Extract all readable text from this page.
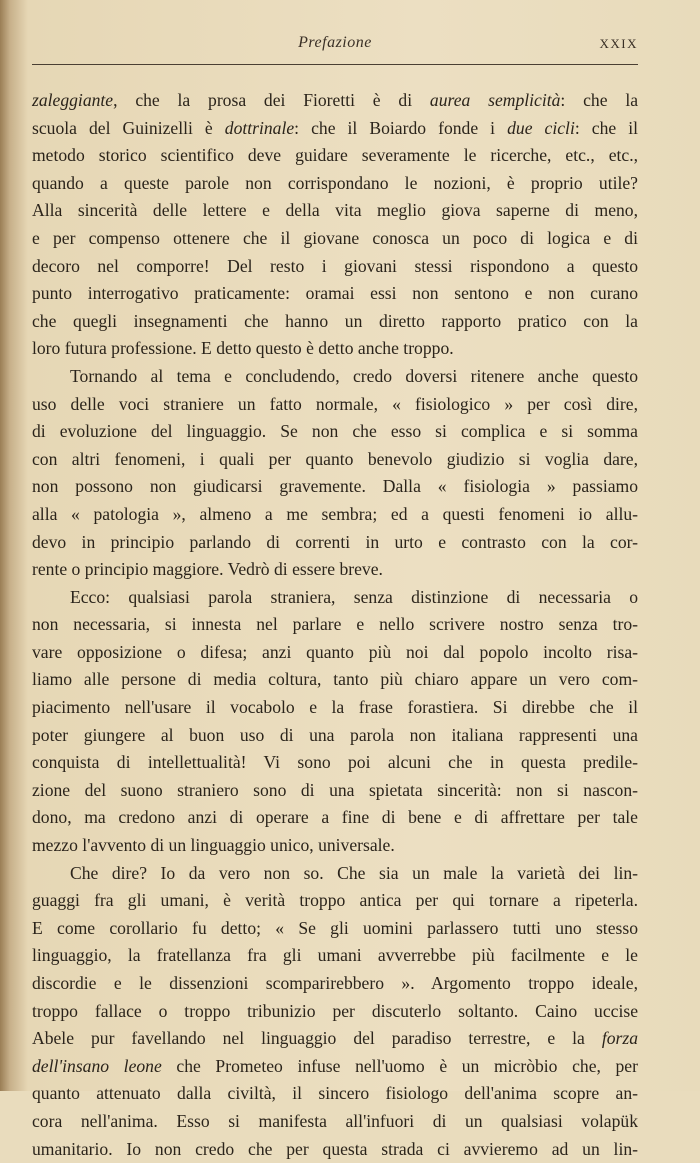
Prefazione	XXIX
zaleggiante, che la prosa dei Fioretti è di aurea semplicità: che la
scuola del Guinizelli è dottrinale: che il Boiardo fonde i due cicli: che il
metodo storico scientifico deve guidare severamente le ricerche, etc., etc.,
quando a queste parole non corrispondano le nozioni, è proprio utile?
Alla sincerità delle lettere e della vita meglio giova saperne di meno,
e per compenso ottenere che il giovane conosca un poco di logica e di
decoro nel comporre! Del resto i giovani stessi rispondono a questo
punto interrogativo praticamente: oramai essi non sentono e non curano
che quegli insegnamenti che hanno un diretto rapporto pratico con la
loro futura professione. E detto questo è detto anche troppo.
Tornando al tema e concludendo, credo doversi ritenere anche questo
uso delle voci straniere un fatto normale, « fisiologico » per così dire,
di evoluzione del linguaggio. Se non che esso si complica e si somma
con altri fenomeni, i quali per quanto benevolo giudizio si voglia dare,
non possono non giudicarsi gravemente. Dalla « fisiologia » passiamo
alla « patologia », almeno a me sembra; ed a questi fenomeni io allu-
devo in principio parlando di correnti in urto e contrasto con la cor-
rente o principio maggiore. Vedrò di essere breve.
Ecco: qualsiasi parola straniera, senza distinzione di necessaria o
non necessaria, si innesta nel parlare e nello scrivere nostro senza tro-
vare opposizione o difesa; anzi quanto più noi dal popolo incolto risa-
liamo alle persone di media coltura, tanto più chiaro appare un vero com-
piacimento nell'usare il vocabolo e la frase forastiera. Si direbbe che il
poter giungere al buon uso di una parola non italiana rappresenti una
conquista di intellettualità! Vi sono poi alcuni che in questa predile-
zione del suono straniero sono di una spietata sincerità: non si nascon-
dono, ma credono anzi di operare a fine di bene e di affrettare per tale
mezzo l'avvento di un linguaggio unico, universale.
Che dire? Io da vero non so. Che sia un male la varietà dei lin-
guaggi fra gli umani, è verità troppo antica per qui tornare a ripeterla.
E come corollario fu detto; « Se gli uomini parlassero tutti uno stesso
linguaggio, la fratellanza fra gli umani avverrebbe più facilmente e le
discordie e le dissenzioni scomparirebbero ». Argomento troppo ideale,
troppo fallace o troppo tribunizio per discuterlo soltanto. Caino uccise
Abele pur favellando nel linguaggio del paradiso terrestre, e la forza
dell'insano leone che Prometeo infuse nell'uomo è un micròbio che, per
quanto attenuato dalla civiltà, il sincero fisiologo dell'anima scopre an-
cora nell'anima. Esso si manifesta all'infuori di un qualsiasi volapük
umanitario. Io non credo che per questa strada ci avvieremo ad un lin-
